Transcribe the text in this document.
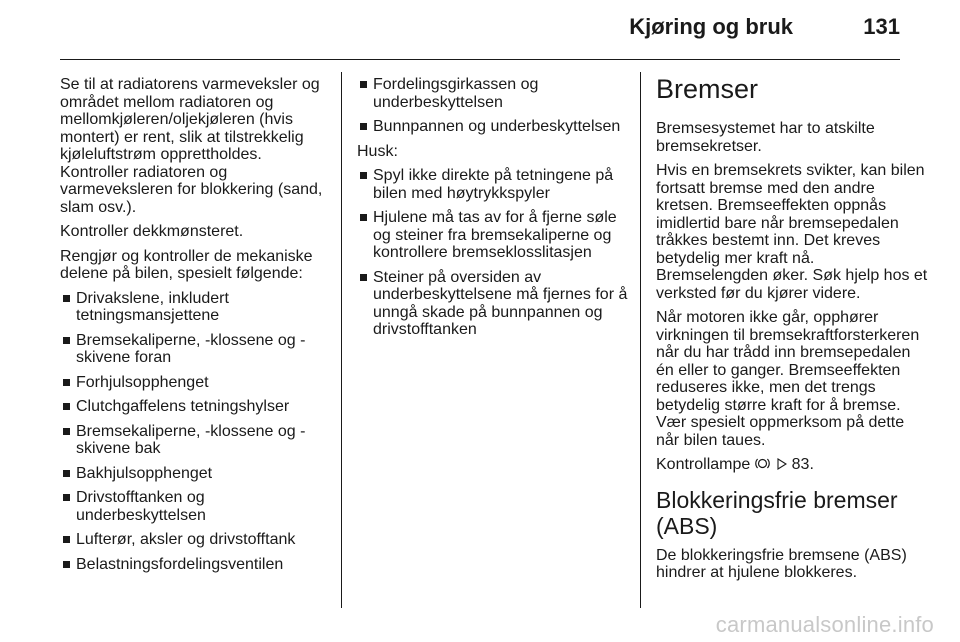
Kjøring og bruk	131

Se til at radiatorens varmeveksler og området mellom radiatoren og mellomkjøleren/oljekjøleren (hvis montert) er rent, slik at tilstrekkelig kjøleluftstrøm opprettholdes. Kontroller radiatoren og varmeveksleren for blokkering (sand, slam osv.).

Kontroller dekkmønsteret.

Rengjør og kontroller de mekaniske delene på bilen, spesielt følgende:

Drivakslene, inkludert tetningsmansjettene
Bremsekaliperne, -klossene og -skivene foran
Forhjulsopphenget
Clutchgaffelens tetningshylser
Bremsekaliperne, -klossene og -skivene bak
Bakhjulsopphenget
Drivstofftanken og underbeskyttelsen
Lufterør, aksler og drivstofftank
Belastningsfordelingsventilen
Fordelingsgirkassen og underbeskyttelsen
Bunnpannen og underbeskyttelsen

Husk:

Spyl ikke direkte på tetningene på bilen med høytrykkspyler
Hjulene må tas av for å fjerne søle og steiner fra bremsekaliperne og kontrollere bremseklosslitasjen
Steiner på oversiden av underbeskyttelsene må fjernes for å unngå skade på bunnpannen og drivstofftanken
Bremser

Bremsesystemet har to atskilte bremsekretser.

Hvis en bremsekrets svikter, kan bilen fortsatt bremse med den andre kretsen. Bremseeffekten oppnås imidlertid bare når bremsepedalen tråkkes bestemt inn. Det kreves betydelig mer kraft nå. Bremselengden øker. Søk hjelp hos et verksted før du kjører videre.

Når motoren ikke går, opphører virkningen til bremsekraftforsterkeren når du har trådd inn bremsepedalen én eller to ganger. Bremseeffekten reduseres ikke, men det trengs betydelig større kraft for å bremse. Vær spesielt oppmerksom på dette når bilen taues.

Kontrollampe	83.

Blokkeringsfrie bremser (ABS)

De blokkeringsfrie bremsene (ABS) hindrer at hjulene blokkeres.

carmanualsonline.info
